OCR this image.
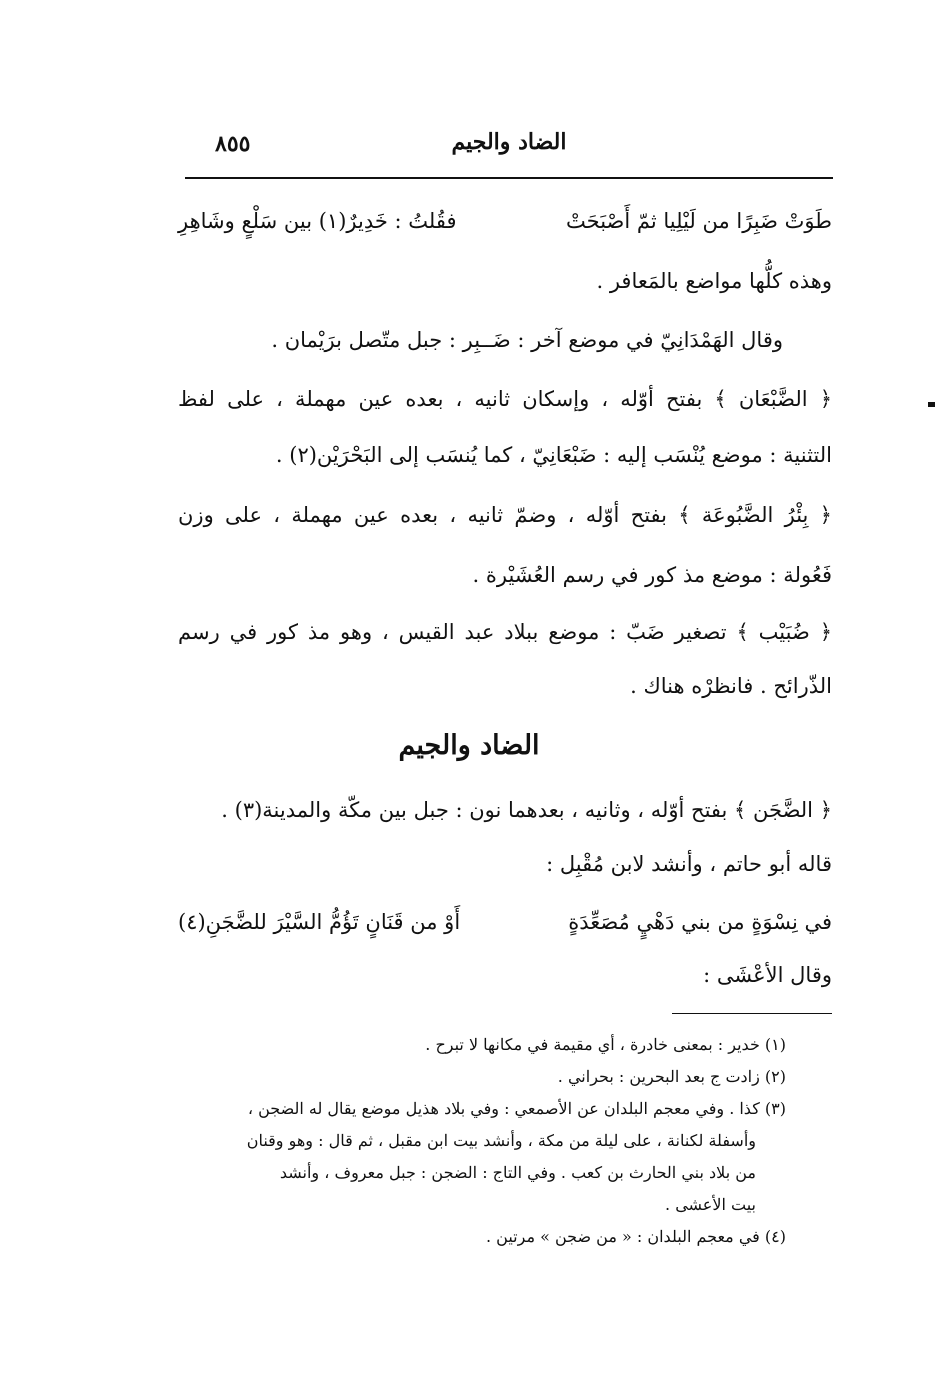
٨٥٥	الضاد والجيم
فقُلتُ : خَدِيرٌ(١) بين سَلْعٍ وشَاهِرِ	طَوَتْ ضَبِرًا من لَيْلِيا ثمّ أَصْبَحَتْ
وهذه كلُّها مواضع بالمَعافر .
وقال الهَمْدَانِيّ في موضع آخر : ضَــبِر : جبل متّصل برَيْمان .
﴿ الضَّبْعَان ﴾ بفتح أوّله ، وإسكان ثانيه ، بعده عين مهملة ، على لفظ
التثنية : موضع يُنْسَب إليه : ضَبْعَانِيّ ، كما يُنسَب إلى البَحْرَيْن(٢) .
﴿ بِئْرُ الضَّبُوعَة ﴾ بفتح أوّله ، وضمّ ثانيه ، بعده عين مهملة ، على وزن
فَعُولة : موضع مذ كور في رسم العُشَيْرة .
﴿ ضُبَيْب ﴾ تصغير ضَبّ : موضع ببلاد عبد القيس ، وهو مذ كور في رسم
الذّرائح . فانظرْه هناك .
الضاد والجيم
﴿ الضَّجَن ﴾ بفتح أوّله ، وثانيه ، بعدهما نون : جبل بين مكّة والمدينة(٣) .
قاله أبو حاتم ، وأنشد لابن مُقْبِل :
أَوْ من قَنَانٍ تَؤُمُّ السَّيْرَ للضَّجَنِ(٤)	في نِسْوَةٍ من بني دَهْيٍ مُصَعِّدَةٍ
وقال الأعْشَى :
(١) خدير : بمعنى خادرة ، أي مقيمة في مكانها لا تبرح .
(٢) زادت ج بعد البحرين : بحراني .
(٣) كذا . وفي معجم البلدان عن الأصمعي : وفي بلاد هذيل موضع يقال له الضجن ،
وأسفلة لكنانة ، على ليلة من مكة ، وأنشد بيت ابن مقبل ، ثم قال : وهو وقنان
من بلاد بني الحارث بن كعب . وفي التاج : الضجن : جبل معروف ، وأنشد
بيت الأعشى .
(٤) في معجم البلدان : « من ضجن » مرتين .
